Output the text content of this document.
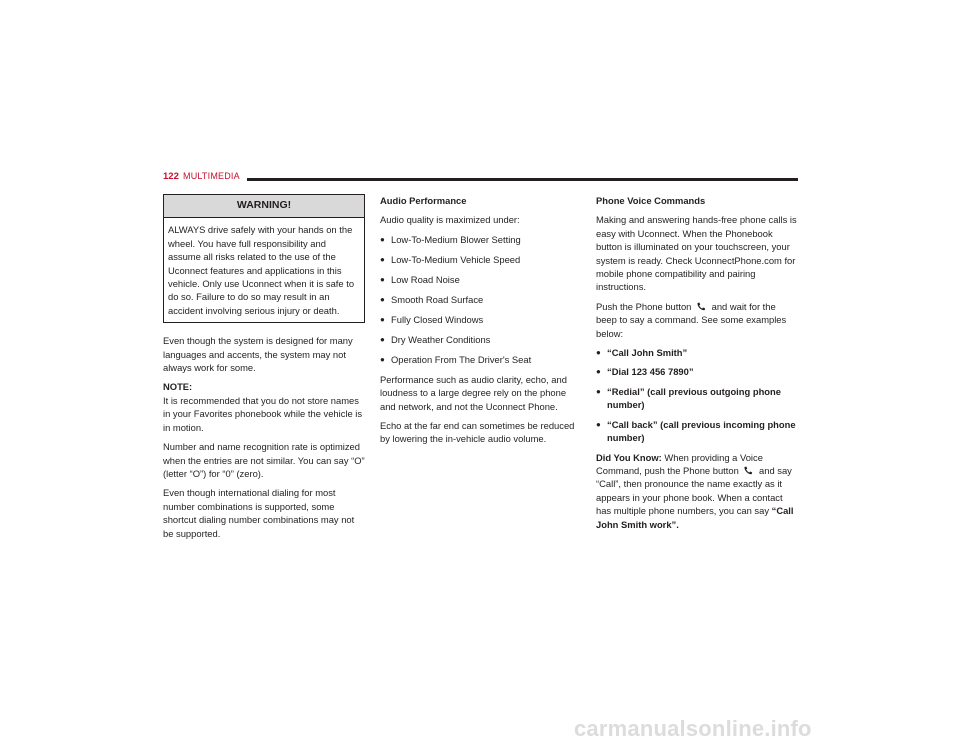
122 MULTIMEDIA
WARNING!
ALWAYS drive safely with your hands on the wheel. You have full responsibility and assume all risks related to the use of the Uconnect features and applications in this vehicle. Only use Uconnect when it is safe to do so. Failure to do so may result in an accident involving serious injury or death.

Even though the system is designed for many languages and accents, the system may not always work for some.

NOTE:
It is recommended that you do not store names in your Favorites phonebook while the vehicle is in motion.

Number and name recognition rate is optimized when the entries are not similar. You can say “O” (letter “O”) for “0” (zero).

Even though international dialing for most number combinations is supported, some shortcut dialing number combinations may not be supported.

Audio Performance

Audio quality is maximized under:

● Low-To-Medium Blower Setting
● Low-To-Medium Vehicle Speed
● Low Road Noise
● Smooth Road Surface
● Fully Closed Windows
● Dry Weather Conditions
● Operation From The Driver's Seat

Performance such as audio clarity, echo, and loudness to a large degree rely on the phone and network, and not the Uconnect Phone.

Echo at the far end can sometimes be reduced by lowering the in-vehicle audio volume.

Phone Voice Commands

Making and answering hands-free phone calls is easy with Uconnect. When the Phonebook button is illuminated on your touchscreen, your system is ready. Check UconnectPhone.com for mobile phone compatibility and pairing instructions.

Push the Phone button and wait for the beep to say a command. See some examples below:

● “Call John Smith”
● “Dial 123 456 7890”
● “Redial” (call previous outgoing phone number)
● “Call back” (call previous incoming phone number)

Did You Know: When providing a Voice Command, push the Phone button and say “Call”, then pronounce the name exactly as it appears in your phone book. When a contact has multiple phone numbers, you can say “Call John Smith work”.

carmanualsonline.info
